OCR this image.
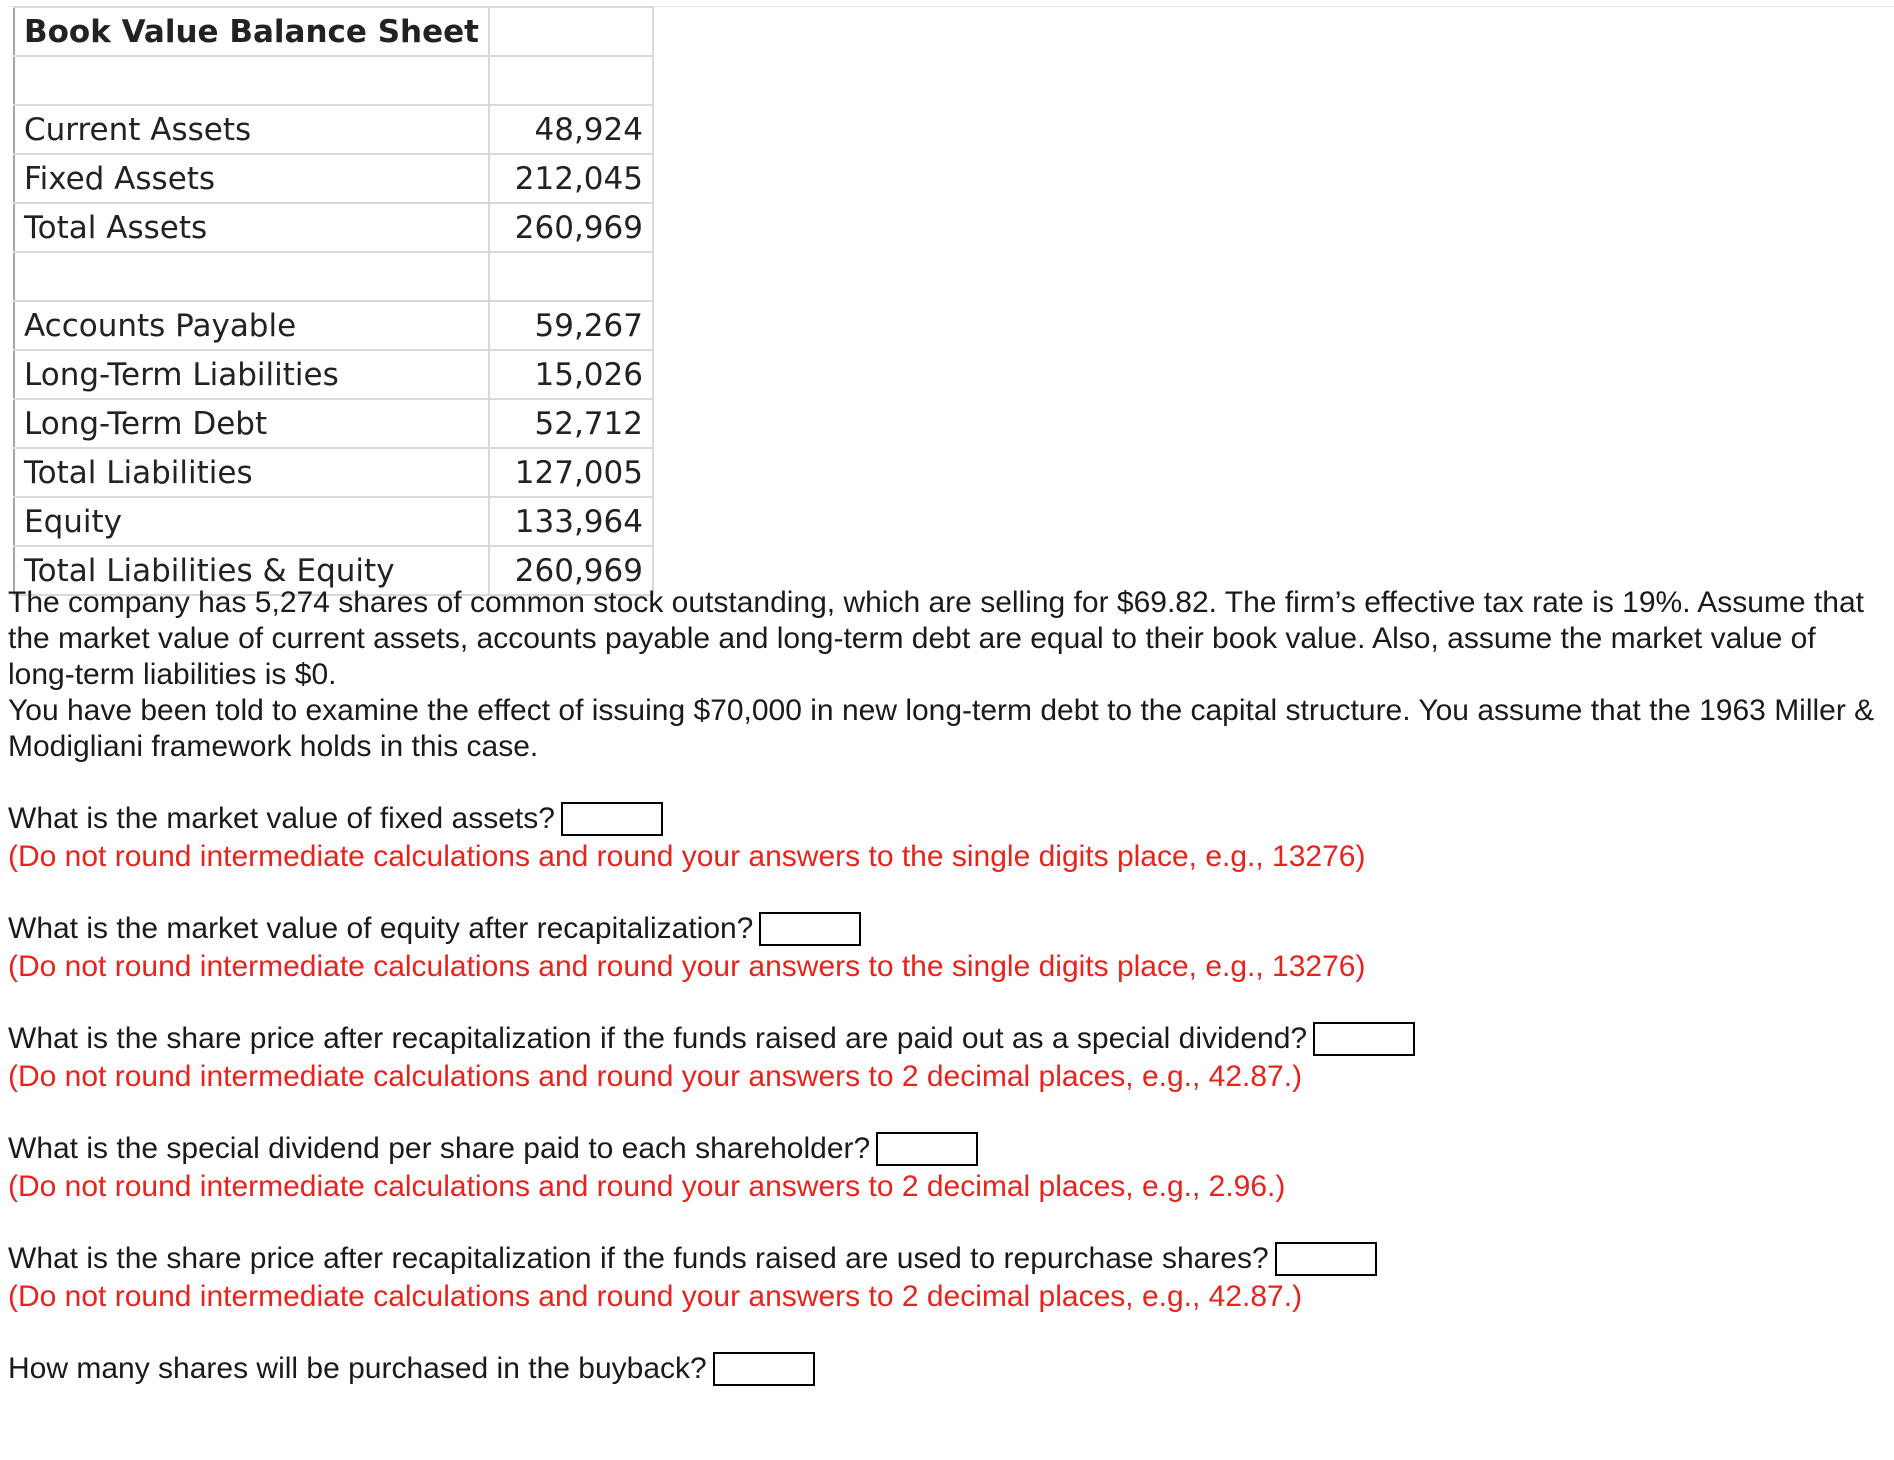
Book Value Balance Sheet	

Current Assets	48,924
Fixed Assets	212,045
Total Assets	260,969

Accounts Payable	59,267
Long-Term Liabilities	15,026
Long-Term Debt	52,712
Total Liabilities	127,005
Equity	133,964
Total Liabilities & Equity	260,969

The company has 5,274 shares of common stock outstanding, which are selling for $69.82. The firm’s effective tax rate is 19%. Assume that the market value of current assets, accounts payable and long-term debt are equal to their book value. Also, assume the market value of long-term liabilities is $0.

You have been told to examine the effect of issuing $70,000 in new long-term debt to the capital structure. You assume that the 1963 Miller & Modigliani framework holds in this case.

What is the market value of fixed assets?
(Do not round intermediate calculations and round your answers to the single digits place, e.g., 13276)
What is the market value of equity after recapitalization?
(Do not round intermediate calculations and round your answers to the single digits place, e.g., 13276)
What is the share price after recapitalization if the funds raised are paid out as a special dividend?
(Do not round intermediate calculations and round your answers to 2 decimal places, e.g., 42.87.)
What is the special dividend per share paid to each shareholder?
(Do not round intermediate calculations and round your answers to 2 decimal places, e.g., 2.96.)
What is the share price after recapitalization if the funds raised are used to repurchase shares?
(Do not round intermediate calculations and round your answers to 2 decimal places, e.g., 42.87.)
How many shares will be purchased in the buyback?
